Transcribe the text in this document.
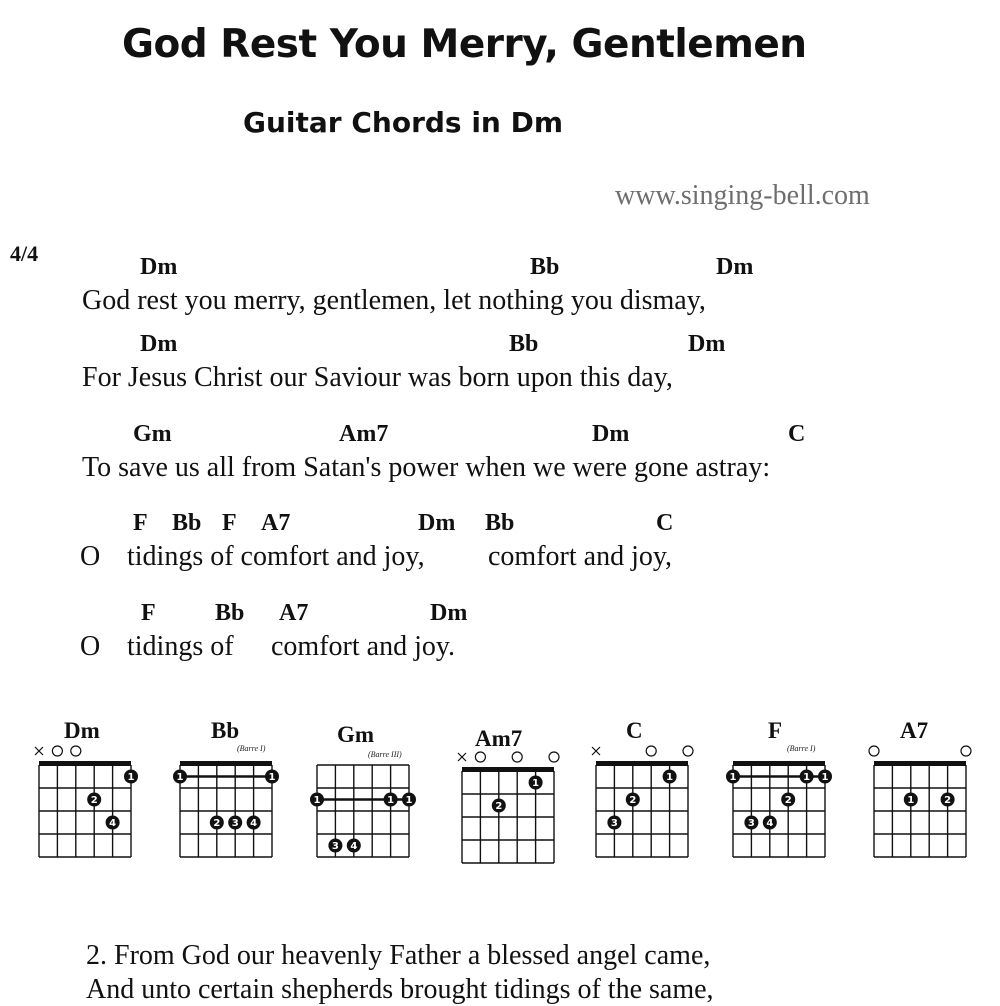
God Rest You Merry, Gentlemen
Guitar Chords in Dm
www.singing-bell.com
4/4
Dm	Bb	Dm
God rest you merry, gentlemen, let nothing you dismay,
Dm	Bb	Dm
For Jesus Christ our Saviour was born upon this day,
Gm	Am7	Dm	C
To save us all from Satan's power when we were gone astray:
F Bb F A7	Dm Bb	C
O tidings of comfort and joy, comfort and joy,
F Bb A7	Dm
O tidings of comfort and joy.
Dm	Bb
(Barre I)
Gm
(Barre III)
Am7	C	F
(Barre I)
A7
1
2
4
1	1
2 3 4
1	1 1
3 4
1
2
1
2
3
1	1 1
2
3 4
1	2
2. From God our heavenly Father a blessed angel came,
And unto certain shepherds brought tidings of the same,
